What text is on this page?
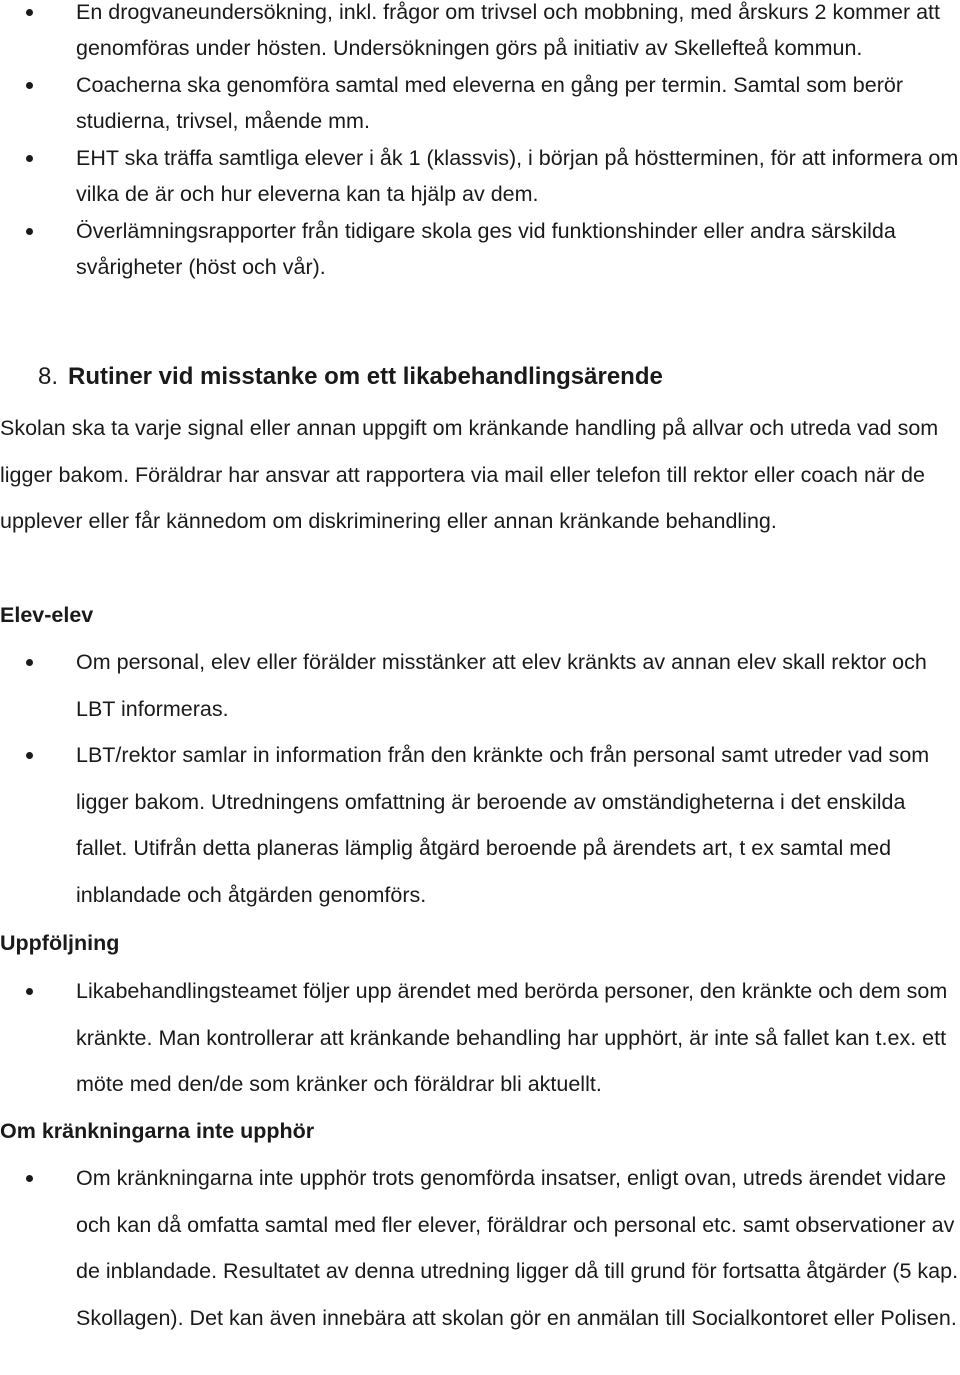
En drogvaneundersökning, inkl. frågor om trivsel och mobbning, med årskurs 2 kommer att genomföras under hösten. Undersökningen görs på initiativ av Skellefteå kommun.
Coacherna ska genomföra samtal med eleverna en gång per termin. Samtal som berör studierna, trivsel, mående mm.
EHT ska träffa samtliga elever i åk 1 (klassvis), i början på höstterminen, för att informera om vilka de är och hur eleverna kan ta hjälp av dem.
Överlämningsrapporter från tidigare skola ges vid funktionshinder eller andra särskilda svårigheter (höst och vår).
8. Rutiner vid misstanke om ett likabehandlingsärende

Skolan ska ta varje signal eller annan uppgift om kränkande handling på allvar och utreda vad som ligger bakom. Föräldrar har ansvar att rapportera via mail eller telefon till rektor eller coach när de upplever eller får kännedom om diskriminering eller annan kränkande behandling.

Elev-elev

Om personal, elev eller förälder misstänker att elev kränkts av annan elev skall rektor och LBT informeras.
LBT/rektor samlar in information från den kränkte och från personal samt utreder vad som ligger bakom. Utredningens omfattning är beroende av omständigheterna i det enskilda fallet. Utifrån detta planeras lämplig åtgärd beroende på ärendets art, t ex samtal med inblandade och åtgärden genomförs.

Uppföljning

Likabehandlingsteamet följer upp ärendet med berörda personer, den kränkte och dem som kränkte. Man kontrollerar att kränkande behandling har upphört, är inte så fallet kan t.ex. ett möte med den/de som kränker och föräldrar bli aktuellt.

Om kränkningarna inte upphör

Om kränkningarna inte upphör trots genomförda insatser, enligt ovan, utreds ärendet vidare och kan då omfatta samtal med fler elever, föräldrar och personal etc. samt observationer av de inblandade. Resultatet av denna utredning ligger då till grund för fortsatta åtgärder (5 kap. Skollagen). Det kan även innebära att skolan gör en anmälan till Socialkontoret eller Polisen.
